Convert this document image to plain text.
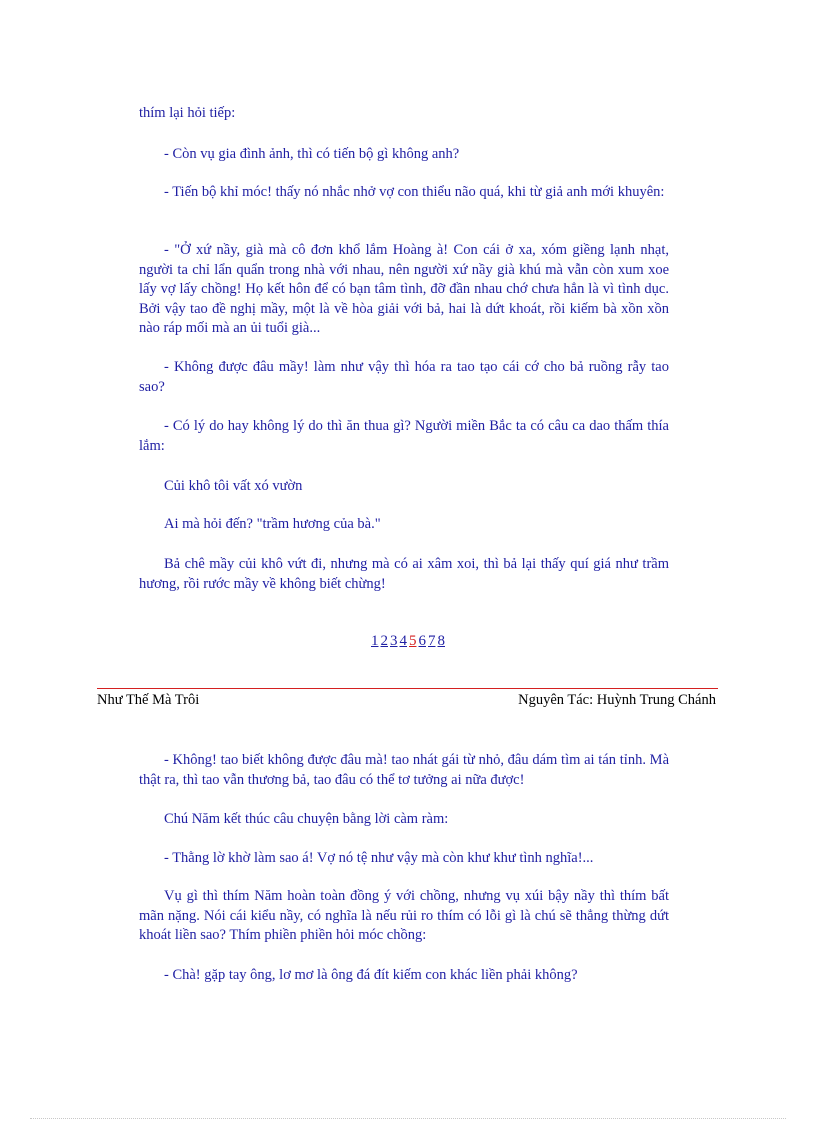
thím lại hỏi tiếp:

- Còn vụ gia đình ảnh, thì có tiến bộ gì không anh?

- Tiến bộ khỉ móc! thấy nó nhắc nhở vợ con thiểu não quá, khi từ giả anh mới khuyên:

- "Ở xứ nầy, già mà cô đơn khổ lắm Hoàng à! Con cái ở xa, xóm giềng lạnh nhạt, người ta chỉ lẩn quẩn trong nhà với nhau, nên người xứ nầy già khú mà vẫn còn xum xoe lấy vợ lấy chồng! Họ kết hôn để có bạn tâm tình, đỡ đần nhau chớ chưa hẳn là vì tình dục. Bởi vậy tao đề nghị mầy, một là về hòa giải với bả, hai là dứt khoát, rồi kiếm bà xồn xồn nào ráp mối mà an ủi tuổi già...

- Không được đâu mầy! làm như vậy thì hóa ra tao tạo cái cớ cho bả ruồng rẫy tao sao?

- Có lý do hay không lý do thì ăn thua gì? Người miền Bắc ta có câu ca dao thấm thía lắm:

Củi khô tôi vất xó vườn

Ai mà hỏi đến? "trầm hương của bà."

Bả chê mầy củi khô vứt đi, nhưng mà có ai xâm xoi, thì bả lại thấy quí giá như trầm hương, rồi rước mầy về không biết chừng!

1 2 3 4 5 6 7 8
Như Thế Mà Trôi	Nguyên Tác: Huỳnh Trung Chánh

- Không! tao biết không được đâu mà! tao nhát gái từ nhỏ, đâu dám tìm ai tán tỉnh. Mà thật ra, thì tao vẫn thương bả, tao đâu có thể tơ tưởng ai nữa được!

Chú Năm kết thúc câu chuyện bằng lời càm ràm:

- Thằng lờ khờ làm sao á! Vợ nó tệ như vậy mà còn khư khư tình nghĩa!...

Vụ gì thì thím Năm hoàn toàn đồng ý với chồng, nhưng vụ xúi bậy nầy thì thím bất mãn nặng. Nói cái kiểu nầy, có nghĩa là nếu rủi ro thím có lỗi gì là chú sẽ thẳng thừng dứt khoát liền sao? Thím phiền phiền hỏi móc chồng:

- Chà! gặp tay ông, lơ mơ là ông đá đít kiếm con khác liền phải không?
